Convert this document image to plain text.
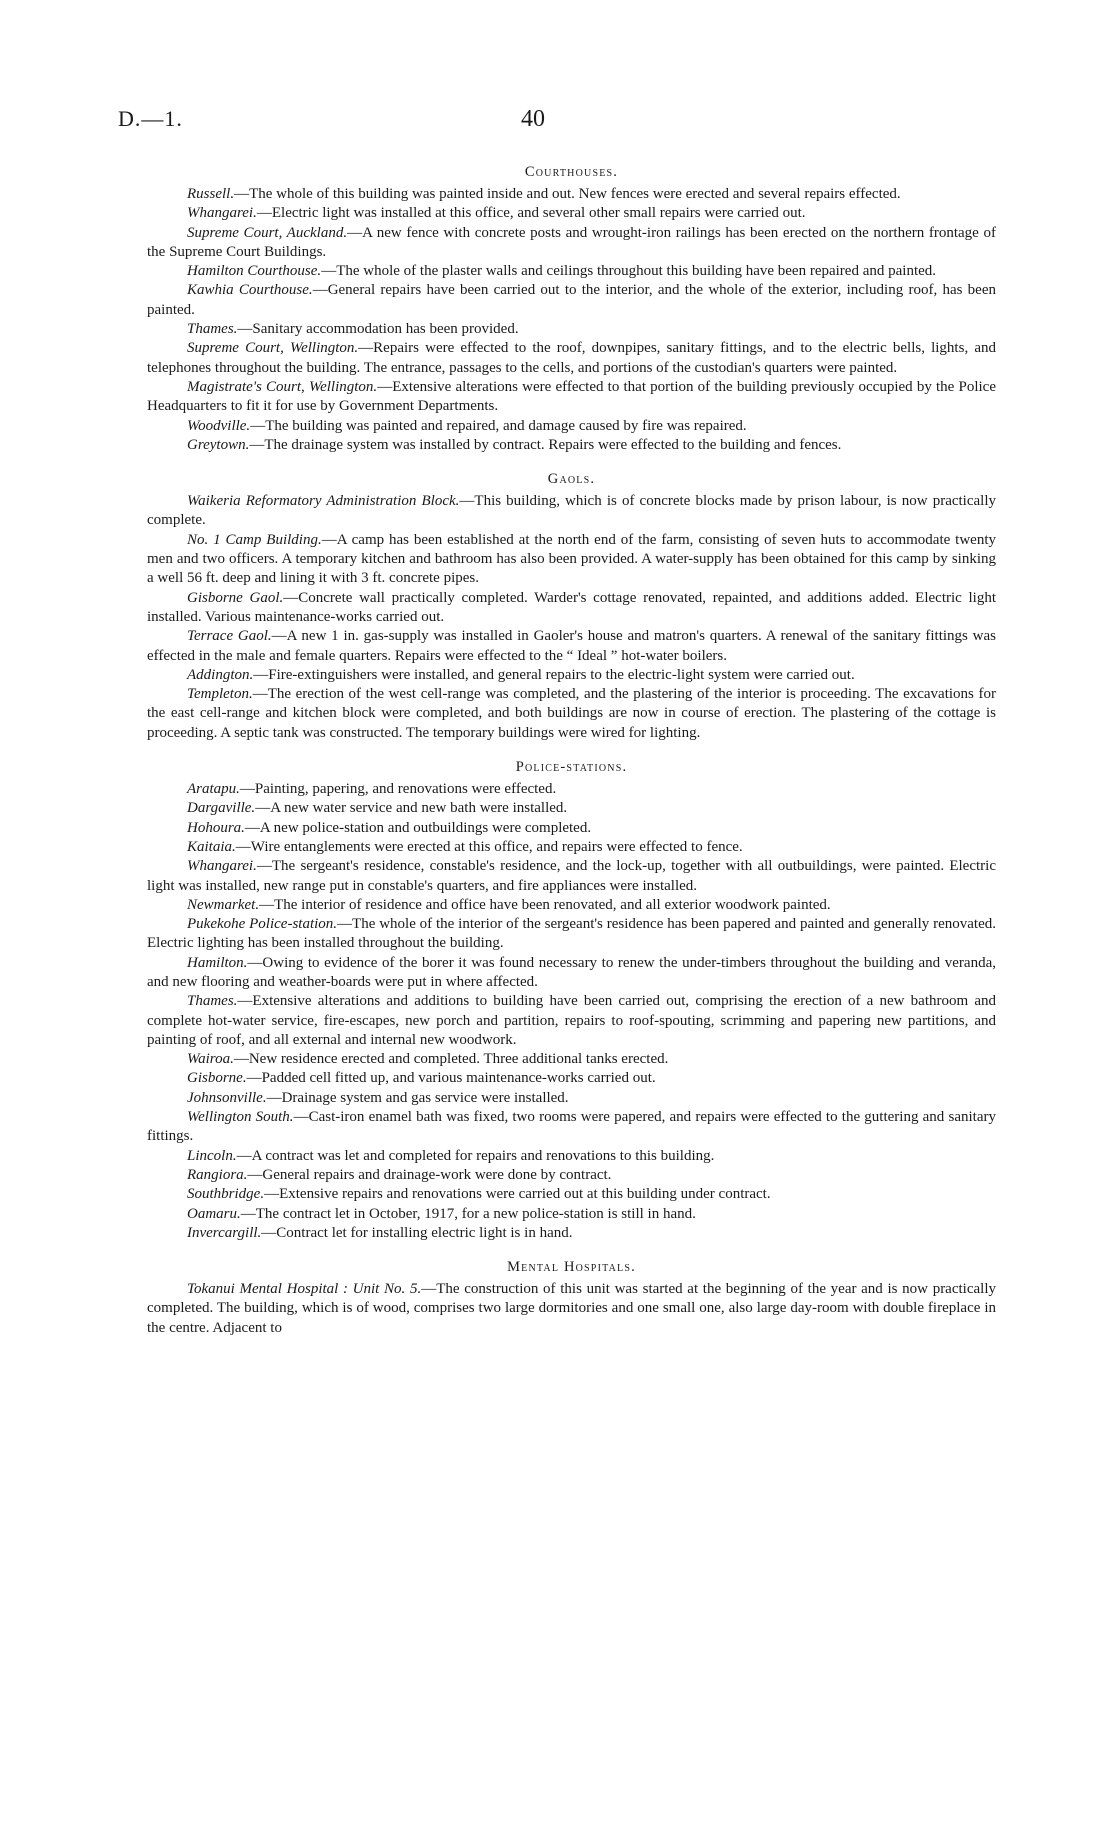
D.—1.	40
Courthouses.

Russell.—The whole of this building was painted inside and out. New fences were erected and several repairs effected.

Whangarei.—Electric light was installed at this office, and several other small repairs were carried out.

Supreme Court, Auckland.—A new fence with concrete posts and wrought-iron railings has been erected on the northern frontage of the Supreme Court Buildings.

Hamilton Courthouse.—The whole of the plaster walls and ceilings throughout this building have been repaired and painted.

Kawhia Courthouse.—General repairs have been carried out to the interior, and the whole of the exterior, including roof, has been painted.

Thames.—Sanitary accommodation has been provided.

Supreme Court, Wellington.—Repairs were effected to the roof, downpipes, sanitary fittings, and to the electric bells, lights, and telephones throughout the building. The entrance, passages to the cells, and portions of the custodian's quarters were painted.

Magistrate's Court, Wellington.—Extensive alterations were effected to that portion of the building previously occupied by the Police Headquarters to fit it for use by Government Departments.

Woodville.—The building was painted and repaired, and damage caused by fire was repaired.

Greytown.—The drainage system was installed by contract. Repairs were effected to the building and fences.

Gaols.

Waikeria Reformatory Administration Block.—This building, which is of concrete blocks made by prison labour, is now practically complete.

No. 1 Camp Building.—A camp has been established at the north end of the farm, consisting of seven huts to accommodate twenty men and two officers. A temporary kitchen and bathroom has also been provided. A water-supply has been obtained for this camp by sinking a well 56 ft. deep and lining it with 3 ft. concrete pipes.

Gisborne Gaol.—Concrete wall practically completed. Warder's cottage renovated, repainted, and additions added. Electric light installed. Various maintenance-works carried out.

Terrace Gaol.—A new 1 in. gas-supply was installed in Gaoler's house and matron's quarters. A renewal of the sanitary fittings was effected in the male and female quarters. Repairs were effected to the “ Ideal ” hot-water boilers.

Addington.—Fire-extinguishers were installed, and general repairs to the electric-light system were carried out.

Templeton.—The erection of the west cell-range was completed, and the plastering of the interior is proceeding. The excavations for the east cell-range and kitchen block were completed, and both buildings are now in course of erection. The plastering of the cottage is proceeding. A septic tank was constructed. The temporary buildings were wired for lighting.

Police-stations.

Aratapu.—Painting, papering, and renovations were effected.

Dargaville.—A new water service and new bath were installed.

Hohoura.—A new police-station and outbuildings were completed.

Kaitaia.—Wire entanglements were erected at this office, and repairs were effected to fence.

Whangarei.—The sergeant's residence, constable's residence, and the lock-up, together with all outbuildings, were painted. Electric light was installed, new range put in constable's quarters, and fire appliances were installed.

Newmarket.—The interior of residence and office have been renovated, and all exterior woodwork painted.

Pukekohe Police-station.—The whole of the interior of the sergeant's residence has been papered and painted and generally renovated. Electric lighting has been installed throughout the building.

Hamilton.—Owing to evidence of the borer it was found necessary to renew the under-timbers throughout the building and veranda, and new flooring and weather-boards were put in where affected.

Thames.—Extensive alterations and additions to building have been carried out, comprising the erection of a new bathroom and complete hot-water service, fire-escapes, new porch and partition, repairs to roof-spouting, scrimming and papering new partitions, and painting of roof, and all external and internal new woodwork.

Wairoa.—New residence erected and completed. Three additional tanks erected.

Gisborne.—Padded cell fitted up, and various maintenance-works carried out.

Johnsonville.—Drainage system and gas service were installed.

Wellington South.—Cast-iron enamel bath was fixed, two rooms were papered, and repairs were effected to the guttering and sanitary fittings.

Lincoln.—A contract was let and completed for repairs and renovations to this building.

Rangiora.—General repairs and drainage-work were done by contract.

Southbridge.—Extensive repairs and renovations were carried out at this building under contract.

Oamaru.—The contract let in October, 1917, for a new police-station is still in hand.

Invercargill.—Contract let for installing electric light is in hand.

Mental Hospitals.

Tokanui Mental Hospital : Unit No. 5.—The construction of this unit was started at the beginning of the year and is now practically completed. The building, which is of wood, comprises two large dormitories and one small one, also large day-room with double fireplace in the centre. Adjacent to
